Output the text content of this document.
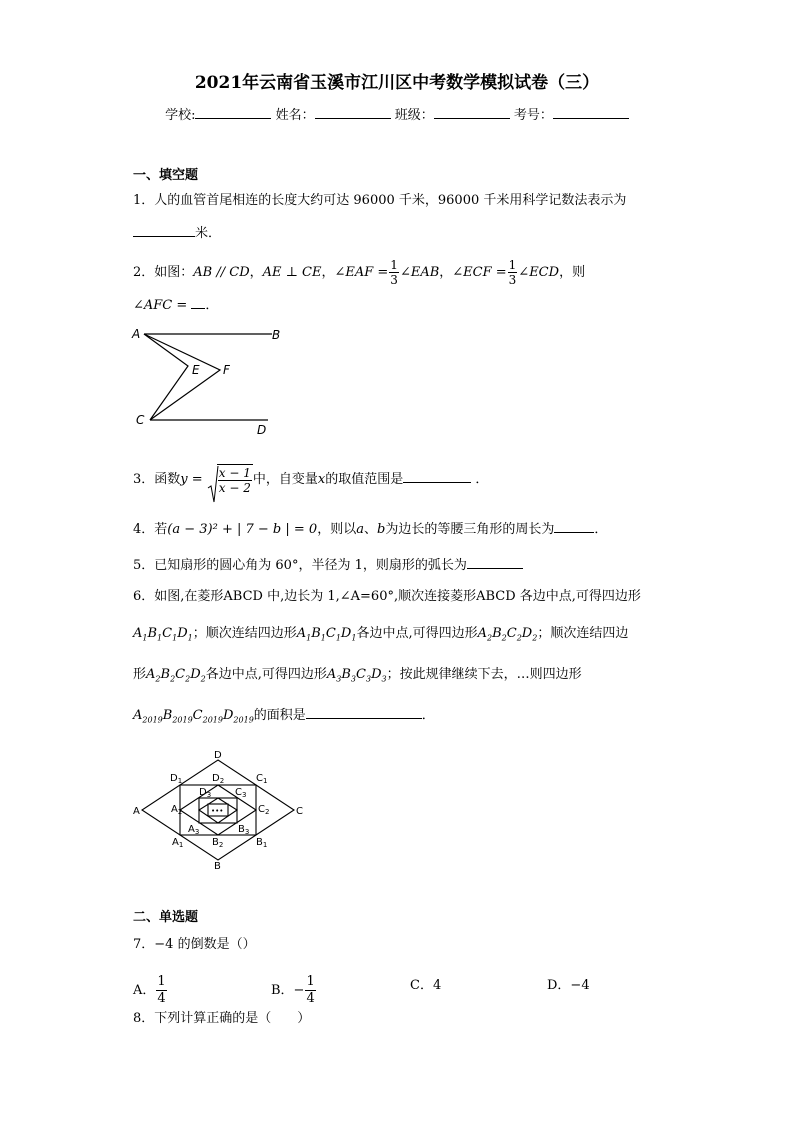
2021年云南省玉溪市江川区中考数学模拟试卷（三）
学校:	姓名：	班级：	考号：
一、填空题
1．人的血管首尾相连的长度大约可达 96000 千米，96000 千米用科学记数法表示为
米．
2．如图：AB // CD，AE ⊥ CE，∠EAF = $\frac{1}{3}$ ∠EAB，∠ECF = $\frac{1}{3}$ ∠ECD，则
∠AFC = ．
A	B
C
D
E F
3．函数$y = \frac{x - 1}{x - 2}$ 中，自变量x的取值范围是	．
4．若(a − 3)² + | 7 − b | = 0，则以a、b为边长的等腰三角形的周长为	．
5．已知扇形的圆心角为 60°，半径为 1，则扇形的弧长为
6．如图,在菱形ABCD 中,边长为 1,∠A=60°,顺次连接菱形ABCD 各边中点,可得四边形
$A_1B_1C_1D_1$；顺次连结四边形$A_1B_1C_1D_1$各边中点,可得四边形$A_2B_2C_2D_2$；顺次连结四边
形$A_2B_2C_2D_2$各边中点,可得四边形$A_3B_3C_3D_3$；按此规律继续下去，…则四边形
$A_{2019}B_{2019}C_{2019}D_{2019}$的面积是	．
D
B
A	C
$D_1$	$C_1$
$A_1$	$B_1$
$D_2$
$C_2$
$A_2$
$B_2$
$D_3$ $C_3$
$A_3$	$B_3$
•••
二、单选题
7．−4 的倒数是（）
A． $\frac{1}{4}$	B．− $\frac{1}{4}$	C．4	D．−4
8．下列计算正确的是（　　）
